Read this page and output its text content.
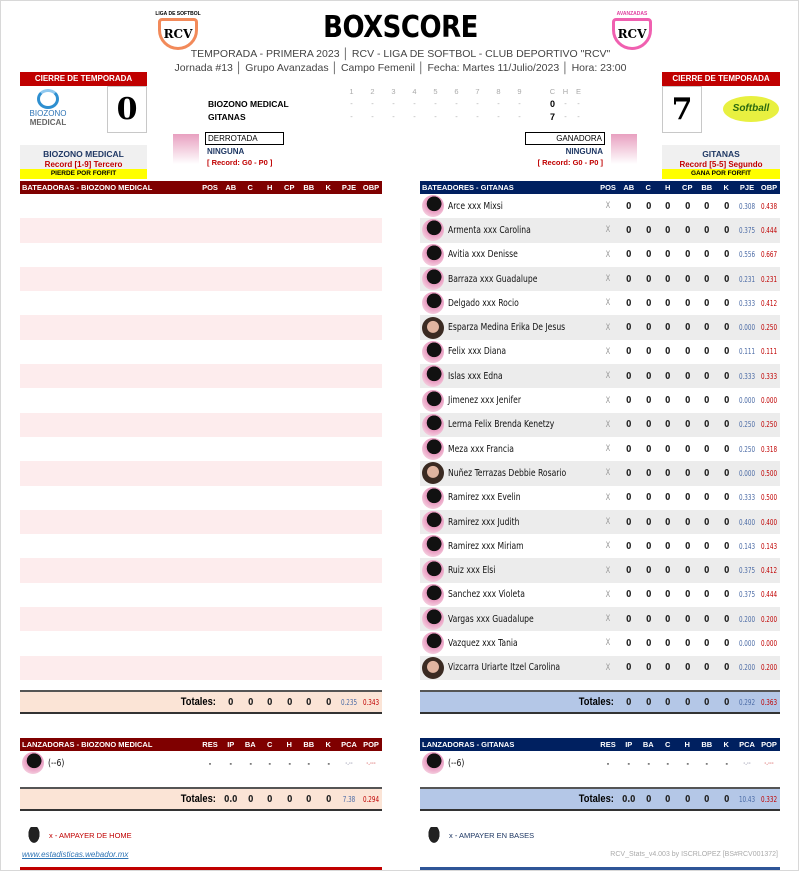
LIGA DE SOFTBOL
RCV
AVANZADAS
RCV
BOXSCORE
TEMPORADA - PRIMERA 2023 │ RCV - LIGA DE SOFTBOL - CLUB DEPORTIVO "RCV"
Jornada #13 │ Grupo Avanzadas │ Campo Femenil │ Fecha: Martes 11/Julio/2023 │ Hora: 23:00
CIERRE DE TEMPORADA
BIOZONO
MEDICAL	0
BIOZONO MEDICAL
Record [1-9] Tercero
PIERDE POR FORFIT
CIERRE DE TEMPORADA
7	Softball
GITANAS
Record [5-5] Segundo
GANA POR FORFIT
1	2	3	4	5	6	7	8	9	C	H	E
BIOZONO MEDICAL	-	-	-	-	-	-	-	-	-	0	-	-
GITANAS	-	-	-	-	-	-	-	-	-	7	-	-
DERROTADA
NINGUNA
[ Record: G0 - P0 ]
GANADORA
NINGUNA
[ Record: G0 - P0 ]
BATEADORAS - BIOZONO MEDICAL	POS AB	C	H	CP	BB	K	PJE OBP
Totales:	0	0	0	0	0	0	0.235 0.343
BATEADORES - GITANAS	POS AB	C	H	CP	BB	K	PJE OBP
Arce xxx Mixsi	X	0	0	0	0	0	0	0.308 0.438
Armenta xxx Carolina	X	0	0	0	0	0	0	0.375 0.444
Avitia xxx Denisse	X	0	0	0	0	0	0	0.556 0.667
Barraza xxx Guadalupe	X	0	0	0	0	0	0	0.231 0.231
Delgado xxx Rocio	X	0	0	0	0	0	0	0.333 0.412
Esparza Medina Erika De Jesus	X	0	0	0	0	0	0	0.000 0.250
Felix xxx Diana	X	0	0	0	0	0	0	0.111 0.111
Islas xxx Edna	X	0	0	0	0	0	0	0.333 0.333
Jimenez xxx Jenifer	X	0	0	0	0	0	0	0.000 0.000
Lerma Felix Brenda Kenetzy	X	0	0	0	0	0	0	0.250 0.250
Meza xxx Francia	X	0	0	0	0	0	0	0.250 0.318
Nuñez Terrazas Debbie Rosario	X	0	0	0	0	0	0	0.000 0.500
Ramirez xxx Evelin	X	0	0	0	0	0	0	0.333 0.500
Ramirez xxx Judith	X	0	0	0	0	0	0	0.400 0.400
Ramirez xxx Miriam	X	0	0	0	0	0	0	0.143 0.143
Ruiz xxx Elsi	X	0	0	0	0	0	0	0.375 0.412
Sanchez xxx Violeta	X	0	0	0	0	0	0	0.375 0.444
Vargas xxx Guadalupe	X	0	0	0	0	0	0	0.200 0.200
Vazquez xxx Tania	X	0	0	0	0	0	0	0.000 0.000
Vizcarra Uriarte Itzel Carolina	X	0	0	0	0	0	0	0.200 0.200
Totales:	0	0	0	0	0	0	0.292 0.363
LANZADORAS - BIOZONO MEDICAL	RES	IP	BA	C	H	BB	K	PCA POP
(--6)	-	-	-	-	-	-	-	-.--	-.---
Totales: 0.0	0	0	0	0	0	7.38 0.294
LANZADORAS - GITANAS	RES	IP	BA	C	H	BB	K	PCA POP
(--6)	-	-	-	-	-	-	-	-.--	-.---
Totales: 0.0	0	0	0	0	0	10.43 0.332
x - AMPAYER DE HOME	x - AMPAYER EN BASES
www.estadisticas.webador.mx	RCV_Stats_v4.003 by ISCRLOPEZ [BS#RCV001372]
